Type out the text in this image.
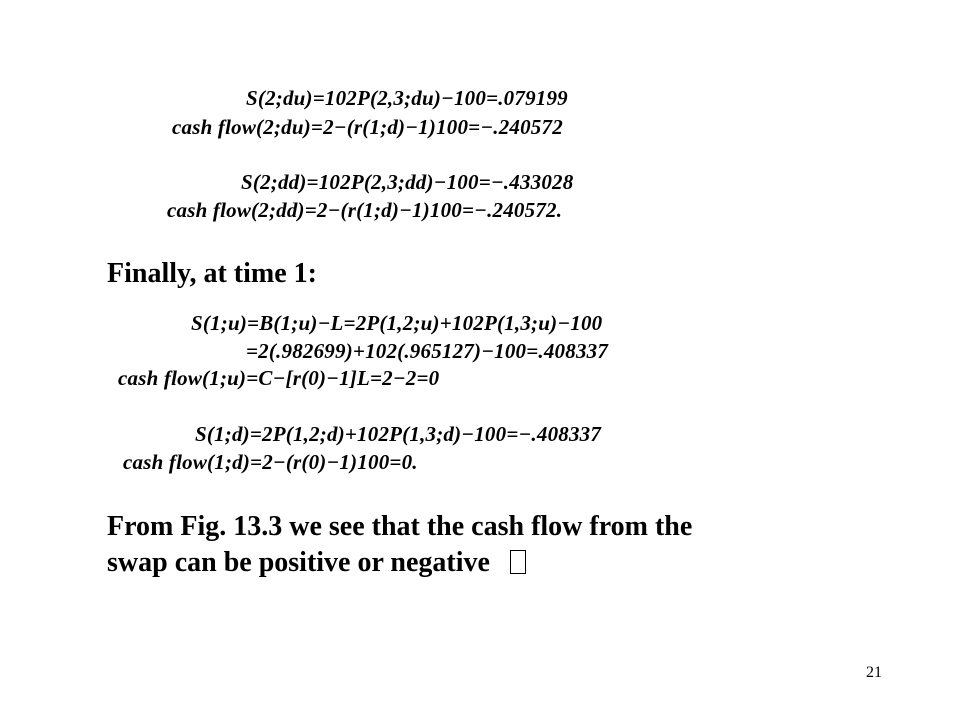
S(2;du)=102P(2,3;du)−100=.079199
cash flow(2;du)=2−(r(1;d)−1)100=−.240572
S(2;dd)=102P(2,3;dd)−100=−.433028
cash flow(2;dd)=2−(r(1;d)−1)100=−.240572.
Finally, at time 1:
S(1;u)=B(1;u)−L=2P(1,2;u)+102P(1,3;u)−100
=2(.982699)+102(.965127)−100=.408337
cash flow(1;u)=C−[r(0)−1]L=2−2=0
S(1;d)=2P(1,2;d)+102P(1,3;d)−100=−.408337
cash flow(1;d)=2−(r(0)−1)100=0.
From Fig. 13.3 we see that the cash flow from the
swap can be positive or negative
21
